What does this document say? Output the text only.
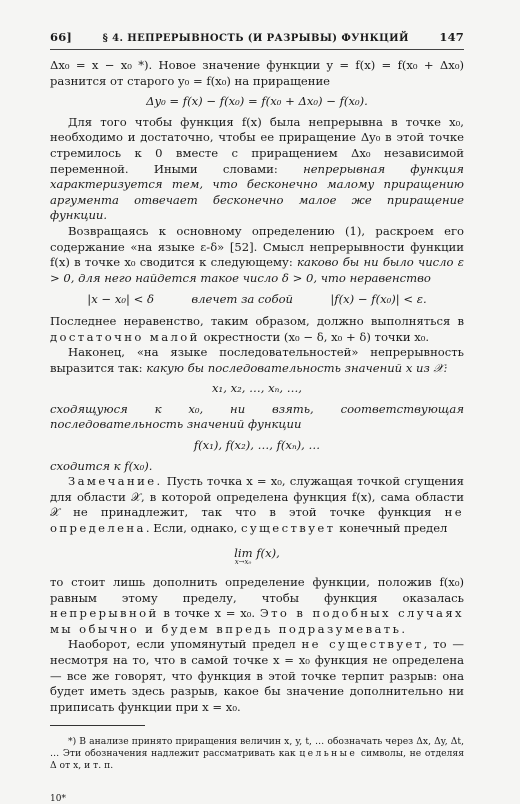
66]	§ 4. НЕПРЕРЫВНОСТЬ (И РАЗРЫВЫ) ФУНКЦИЙ	147

Δx₀ = x − x₀ *). Новое значение функции y = f(x) = f(x₀ + Δx₀) разнится от старого y₀ = f(x₀) на приращение

Δy₀ = f(x) − f(x₀) = f(x₀ + Δx₀) − f(x₀).

Для того чтобы функция f(x) была непрерывна в точке x₀, необходимо и достаточно, чтобы ее приращение Δy₀ в этой точке стремилось к 0 вместе с приращением Δx₀ независимой переменной. Иными словами: непрерывная функция характеризуется тем, что бесконечно малому приращению аргумента отвечает бесконечно малое же приращение функции.

Возвращаясь к основному определению (1), раскроем его содержание «на языке ε-δ» [52]. Смысл непрерывности функции f(x) в точке x₀ сводится к следующему: каково бы ни было число ε > 0, для него найдется такое число δ > 0, что неравенство

|x − x₀| < δ	влечет за собой	|f(x) − f(x₀)| < ε.

Последнее неравенство, таким образом, должно выполняться в достаточно малой окрестности (x₀ − δ, x₀ + δ) точки x₀.

Наконец, «на языке последовательностей» непрерывность выразится так: какую бы последовательность значений x из 𝒳:

x₁, x₂, …, xₙ, …,

сходящуюся к x₀, ни взять, соответствующая последовательность значений функции

f(x₁), f(x₂), …, f(xₙ), …

сходится к f(x₀).

Замечание. Пусть точка x = x₀, служащая точкой сгущения для области 𝒳, в которой определена функция f(x), сама области 𝒳 не принадлежит, так что в этой точке функция не определена. Если, однако, существует конечный предел

lim f(x),
x→x₀

то стоит лишь дополнить определение функции, положив f(x₀) равным этому пределу, чтобы функция оказалась непрерывной в точке x = x₀. Это в подобных случаях мы обычно и будем впредь подразумевать.

Наоборот, если упомянутый предел не существует, то — несмотря на то, что в самой точке x = x₀ функция не определена — все же говорят, что функция в этой точке терпит разрыв: она будет иметь здесь разрыв, какое бы значение дополнительно ни приписать функции при x = x₀.

*) В анализе принято приращения величин x, y, t, … обозначать через Δx, Δy, Δt, … Эти обозначения надлежит рассматривать как цельные символы, не отделяя Δ от x, и т. п.

10*
